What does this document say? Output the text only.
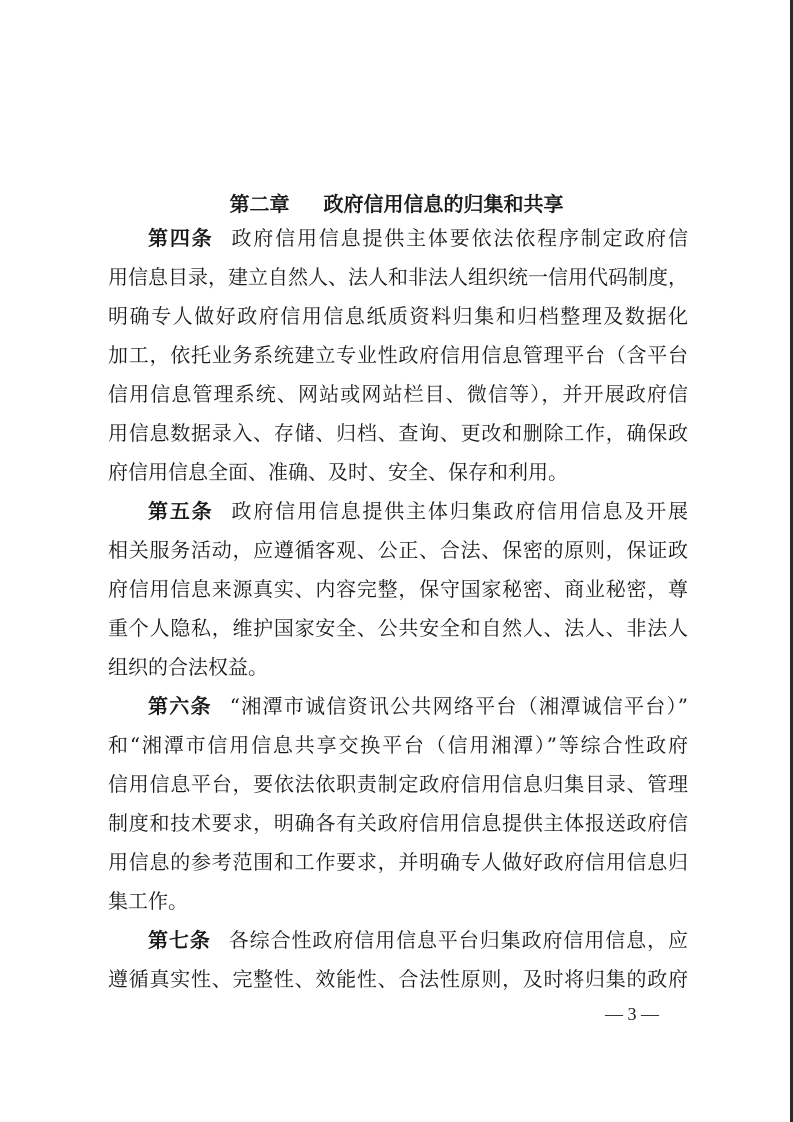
第二章 政府信用信息的归集和共享
第四条 政府信用信息提供主体要依法依程序制定政府信
用信息目录，建立自然人、法人和非法人组织统一信用代码制度，
明确专人做好政府信用信息纸质资料归集和归档整理及数据化
加工，依托业务系统建立专业性政府信用信息管理平台（含平台
信用信息管理系统、网站或网站栏目、微信等），并开展政府信
用信息数据录入、存储、归档、查询、更改和删除工作，确保政
府信用信息全面、准确、及时、安全、保存和利用。
第五条 政府信用信息提供主体归集政府信用信息及开展
相关服务活动，应遵循客观、公正、合法、保密的原则，保证政
府信用信息来源真实、内容完整，保守国家秘密、商业秘密，尊
重个人隐私，维护国家安全、公共安全和自然人、法人、非法人
组织的合法权益。
第六条 “湘潭市诚信资讯公共网络平台（湘潭诚信平台）”
和“湘潭市信用信息共享交换平台（信用湘潭）”等综合性政府
信用信息平台，要依法依职责制定政府信用信息归集目录、管理
制度和技术要求，明确各有关政府信用信息提供主体报送政府信
用信息的参考范围和工作要求，并明确专人做好政府信用信息归
集工作。
第七条 各综合性政府信用信息平台归集政府信用信息，应
遵循真实性、完整性、效能性、合法性原则，及时将归集的政府
— 3 —
